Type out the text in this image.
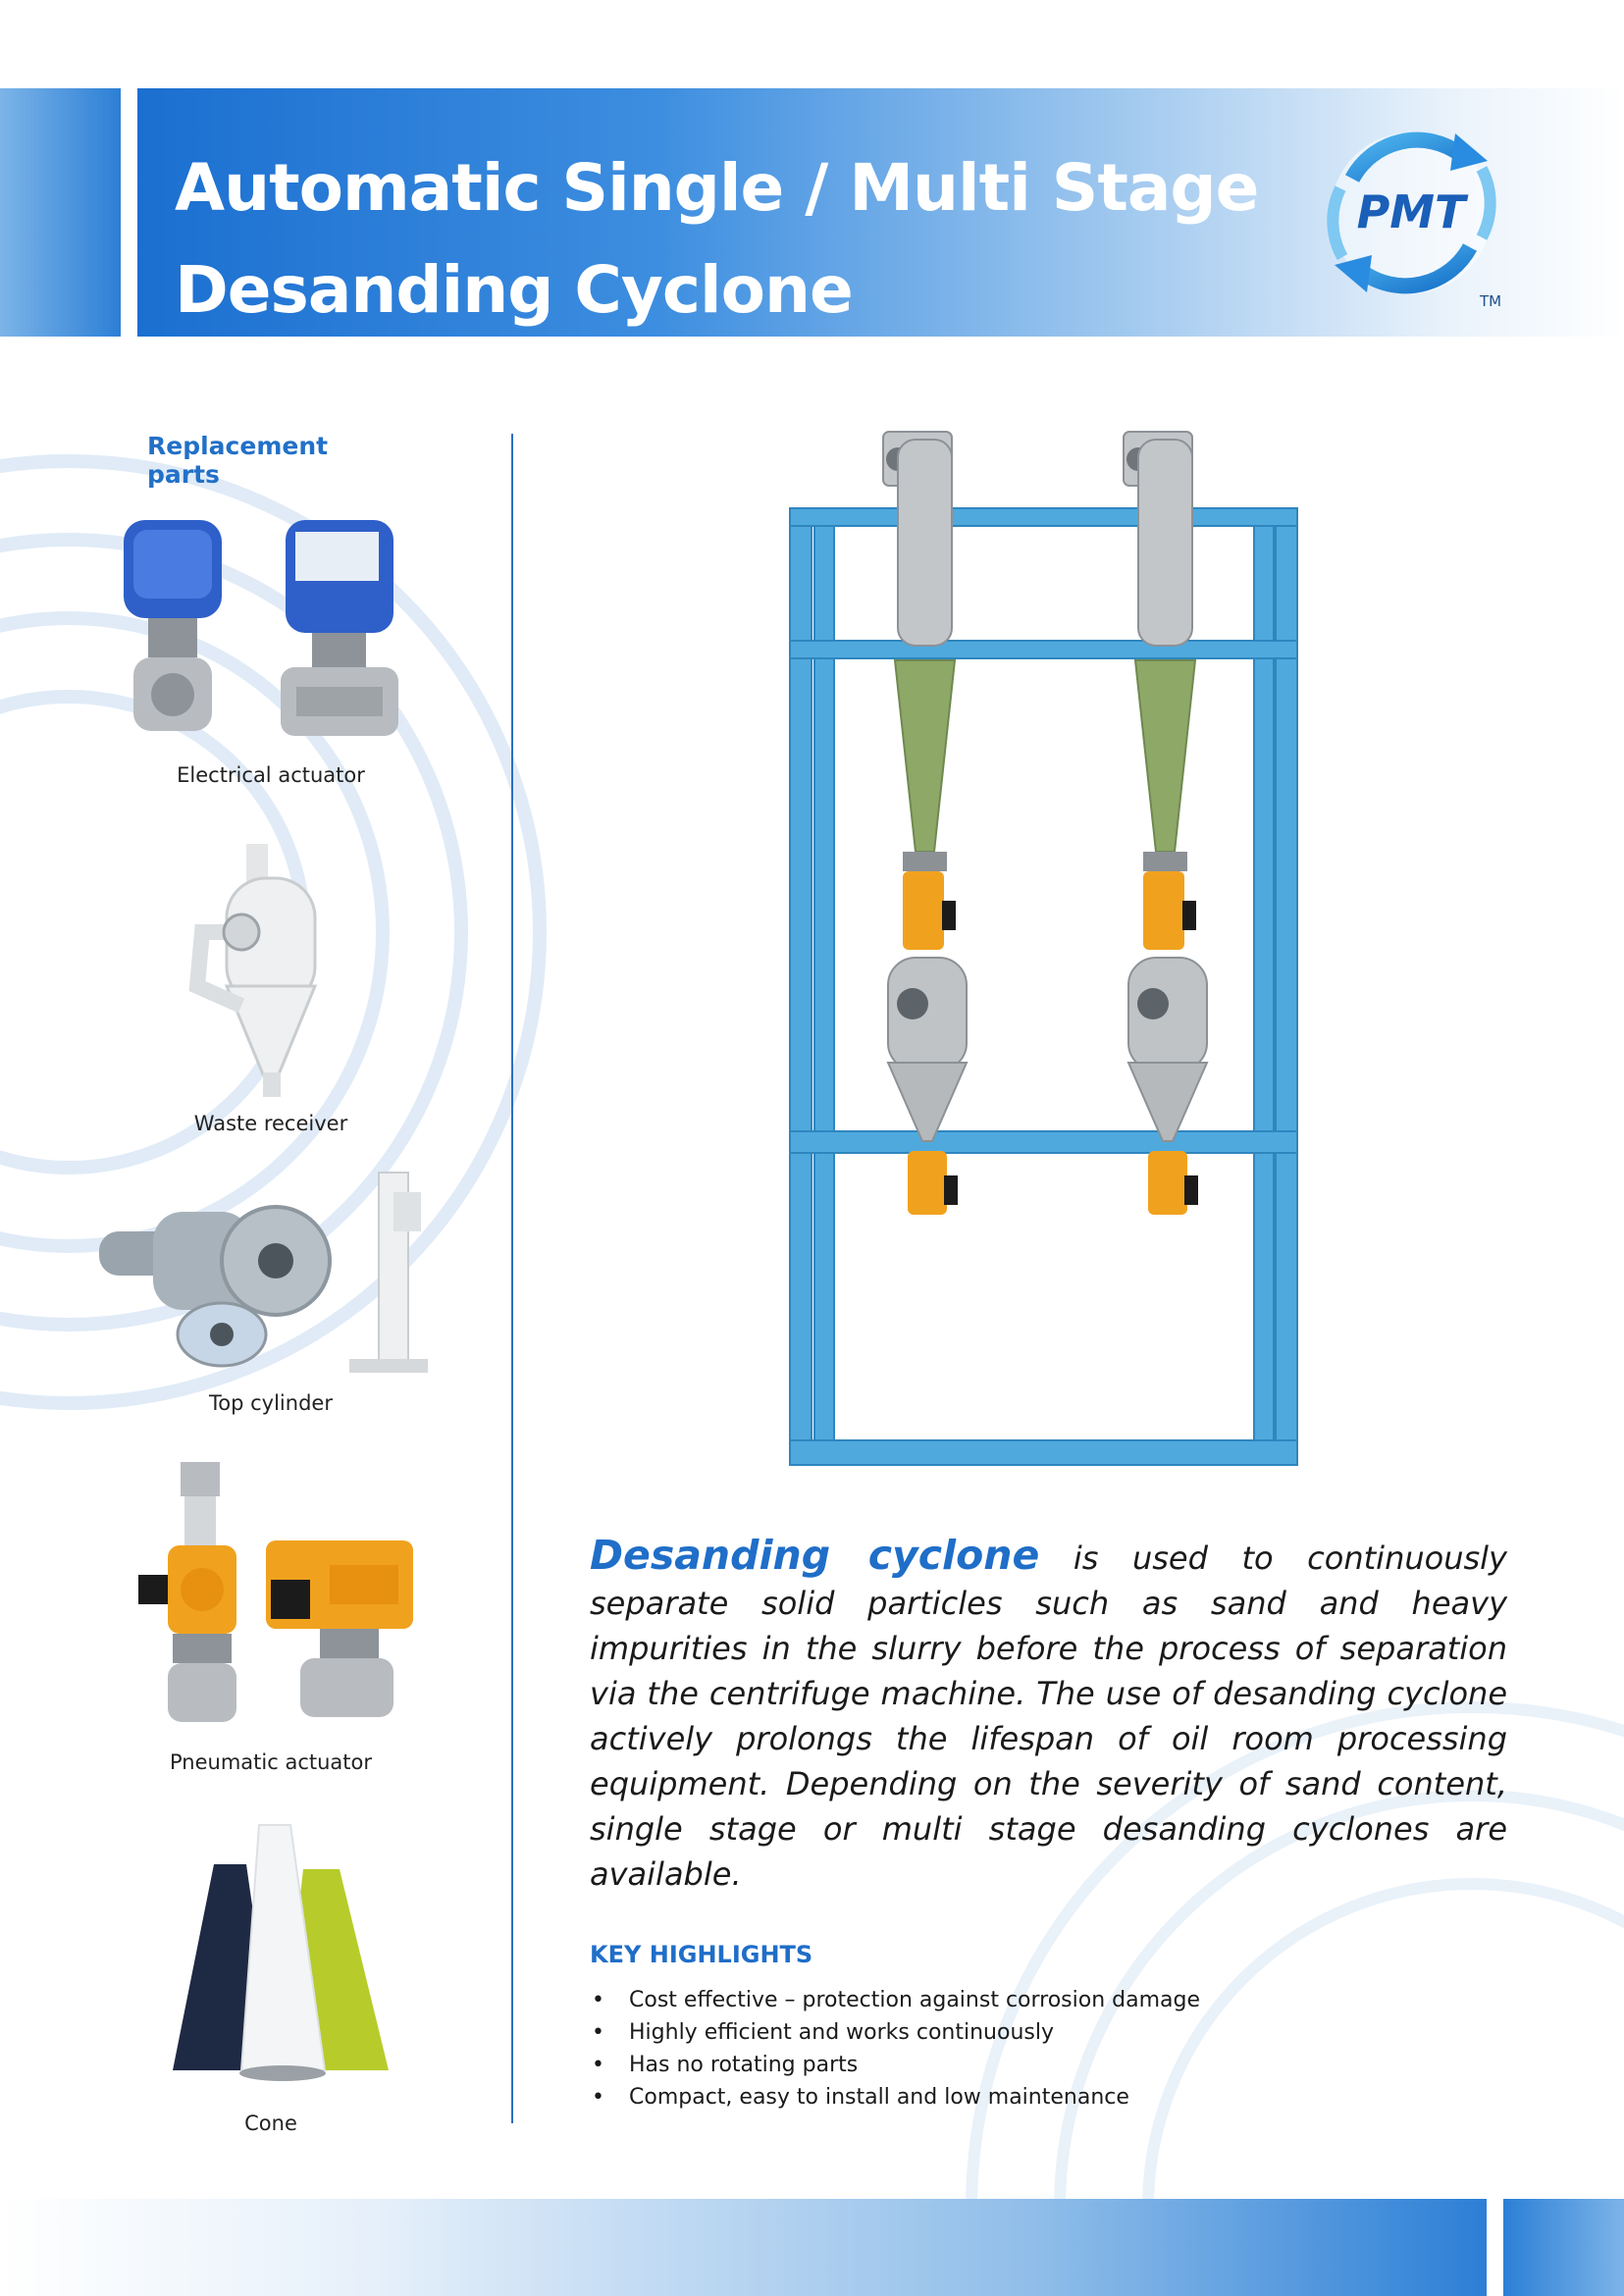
Automatic Single / Multi Stage
Desanding Cyclone
PMT
TM
Replacement parts
Electrical actuator
Waste receiver
Top cylinder
Pneumatic actuator
Cone

Desanding cyclone is used to continuously separate solid particles such as sand and heavy impurities in the slurry before the process of separation via the centrifuge machine. The use of desanding cyclone actively prolongs the lifespan of oil room processing equipment. Depending on the severity of sand content, single stage or multi stage desanding cyclones are available.

KEY HIGHLIGHTS
• Cost effective – protection against corrosion damage
• Highly efficient and works continuously
• Has no rotating parts
• Compact, easy to install and low maintenance
